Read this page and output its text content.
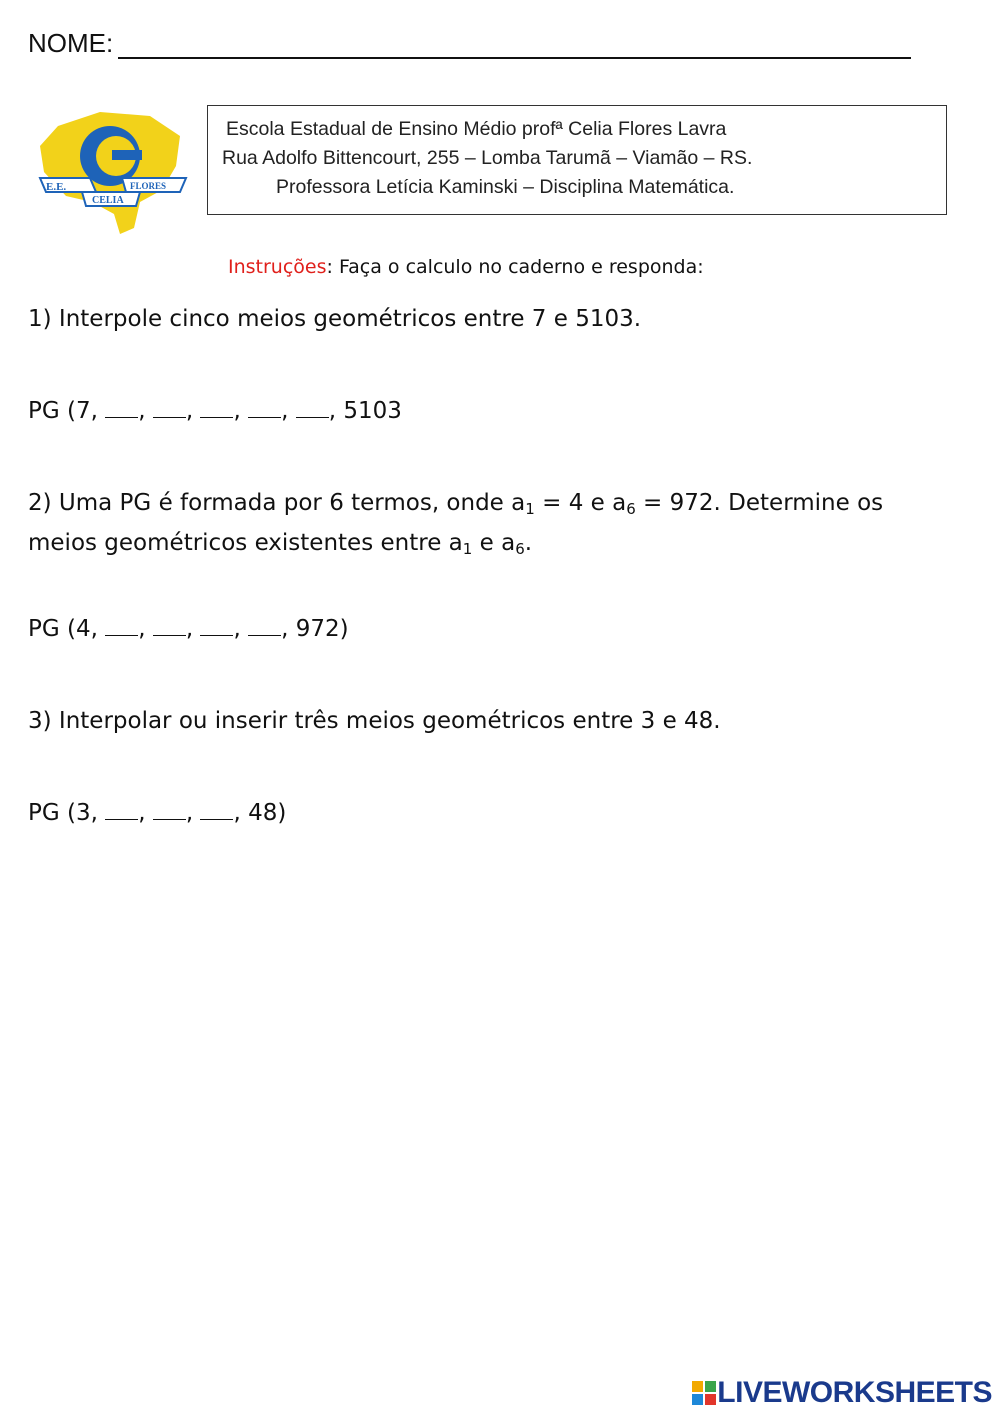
NOME:
E.E.
CELIA
FLORES
Escola Estadual de Ensino Médio profª Celia Flores Lavra
Rua Adolfo Bittencourt, 255 – Lomba Tarumã – Viamão – RS.
Professora Letícia Kaminski – Disciplina Matemática.
Instruções: Faça o calculo no caderno e responda:
1) Interpole cinco meios geométricos entre 7 e 5103.
PG (7, , , , , , 5103
2) Uma PG é formada por 6 termos, onde $a_1 = 4$ e $a_6 = 972$. Determine os
meios geométricos existentes entre $a_1$ e $a_6$.
PG (4, , , , , 972)
3) Interpolar ou inserir três meios geométricos entre 3 e 48.
PG (3, , , , 48)
LIVEWORKSHEETS
